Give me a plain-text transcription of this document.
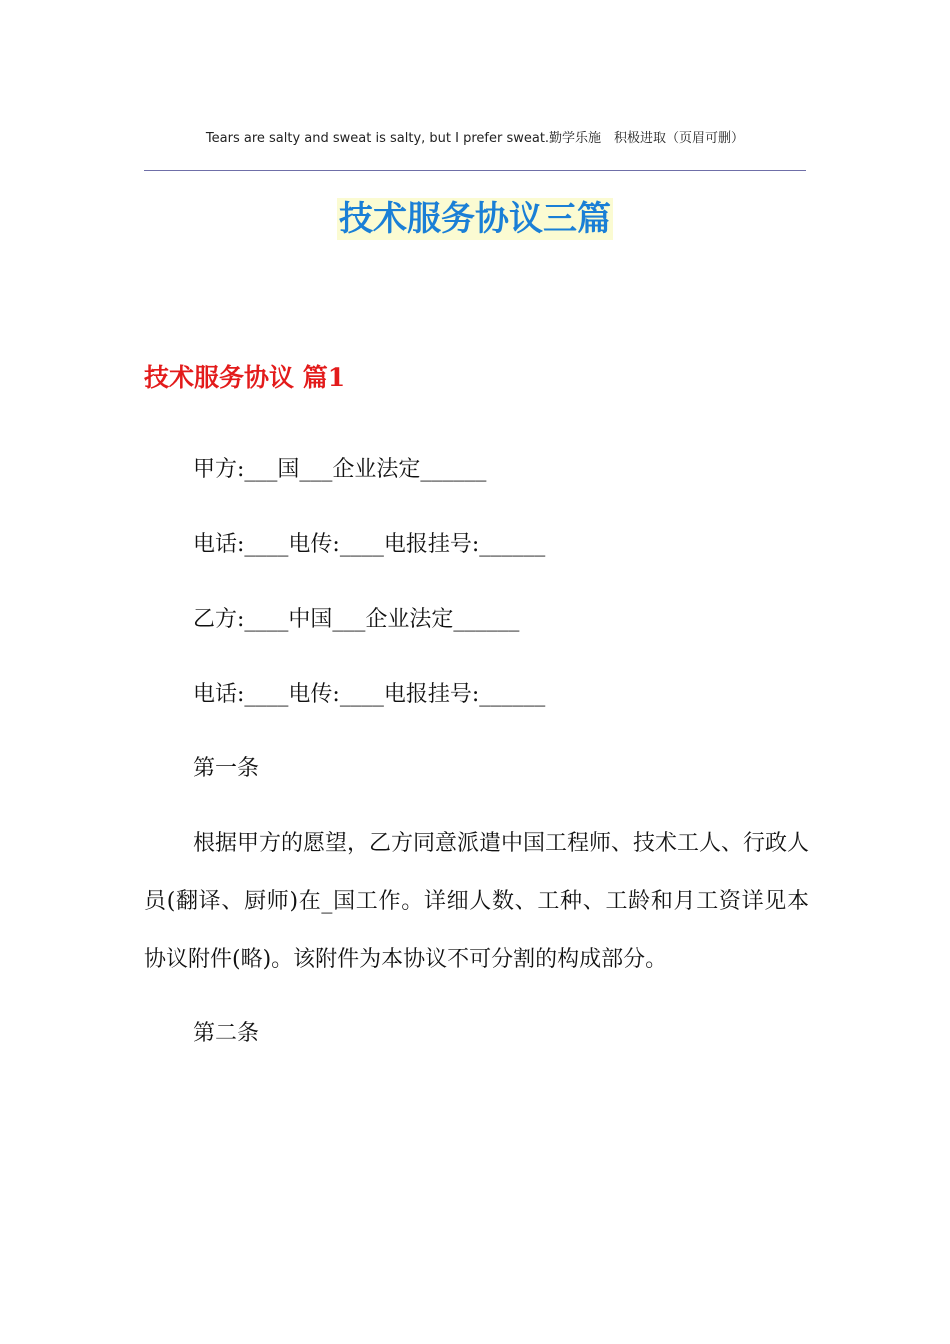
Tears are salty and sweat is salty, but I prefer sweat.勤学乐施　积极进取（页眉可删）
技术服务协议三篇
技术服务协议 篇1
甲方:___国___企业法定______
电话:____电传:____电报挂号:______
乙方:____中国___企业法定______
电话:____电传:____电报挂号:______
第一条
根据甲方的愿望，乙方同意派遣中国工程师、技术工人、行政人员(翻译、厨师)在_国工作。详细人数、工种、工龄和月工资详见本协议附件(略)。该附件为本协议不可分割的构成部分。
第二条
